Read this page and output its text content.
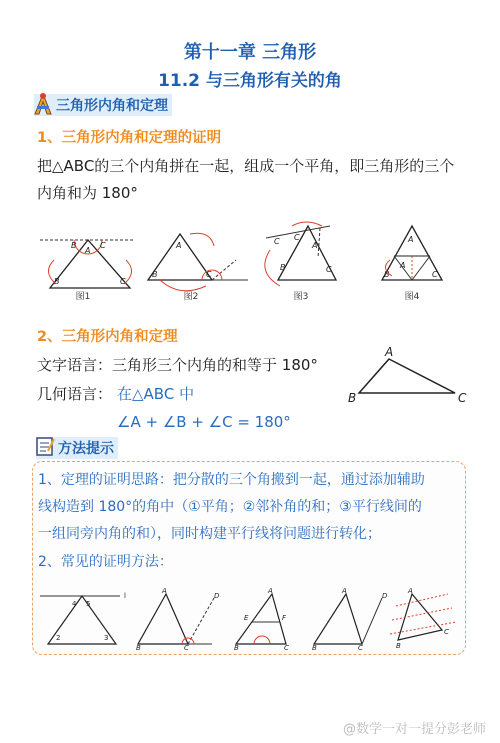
第十一章 三角形
11.2 与三角形有关的角
三角形内角和定理
1、三角形内角和定理的证明
把△ABC的三个内角拼在一起，组成一个平角，即三角形的三个
内角和为 180°
A
B	C
B	C
A
B	C
C C
A
B	C
A
A
B	C
图1	图2	图3	图4
2、三角形内角和定理
文字语言：三角形三个内角的和等于 180°
几何语言： 在△ABC 中
∠A + ∠B + ∠C = 180°
A
B	C
方法提示
1、定理的证明思路：把分散的三个角搬到一起，通过添加辅助
线构造到 180°的角中（①平角；②邻补角的和；③平行线间的
一组同旁内角的和），同时构建平行线将问题进行转化；
2、常见的证明方法：
l
4 5
2	3
A
B	C
D
A
E	F
B	C
A
B	C
D
A
B
C
@数学一对一提分彭老师
